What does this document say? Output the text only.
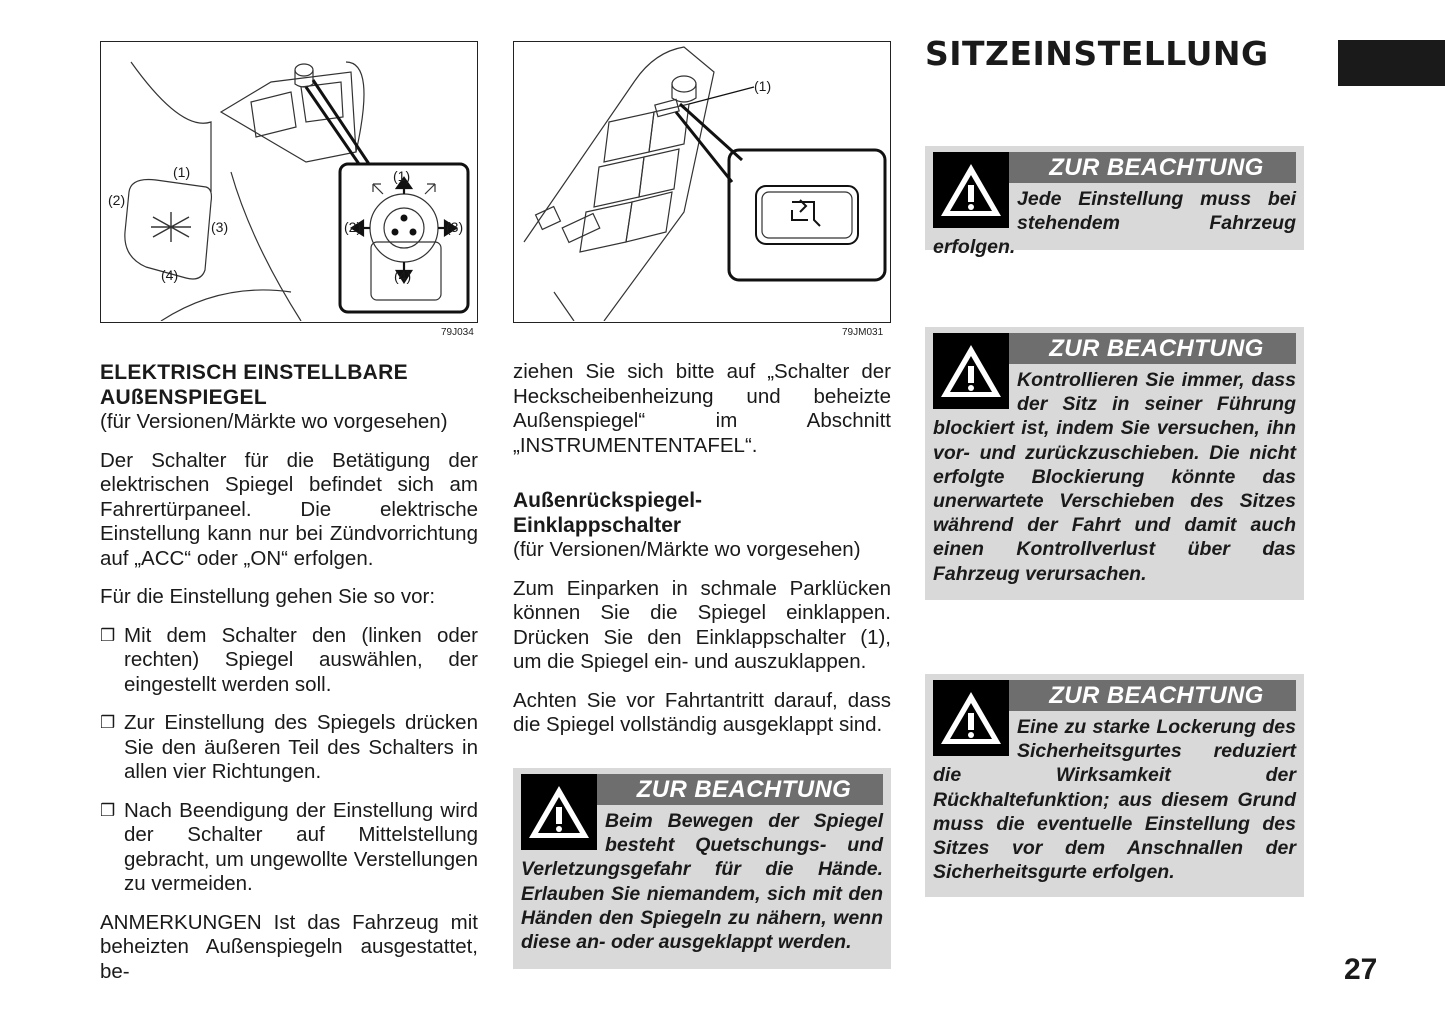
(1)
(2)
(3)
(4)
(1)
(2)	(3)
(4)
79J034
(1)
79JM031
ELEKTRISCH EINSTELLBARE
AUßENSPIEGEL

(für Versionen/Märkte wo vorgesehen)

Der Schalter für die Betätigung der elektrischen Spiegel befindet sich am Fahrertürpaneel. Die elektrische Einstellung kann nur bei Zündvorrichtung auf „ACC“ oder „ON“ erfolgen.

Für die Einstellung gehen Sie so vor:

❒ Mit dem Schalter den (linken oder rechten) Spiegel auswählen, der eingestellt werden soll.
❒ Zur Einstellung des Spiegels drücken Sie den äußeren Teil des Schalters in allen vier Richtungen.
❒ Nach Beendigung der Einstellung wird der Schalter auf Mittelstellung gebracht, um ungewollte Verstellungen zu vermeiden.

ANMERKUNGEN Ist das Fahrzeug mit beheizten Außenspiegeln ausgestattet, be-

ziehen Sie sich bitte auf „Schalter der Heckscheibenheizung und beheizte Außenspiegel“ im Abschnitt „INSTRUMENTENTAFEL“.

Außenrückspiegel-
Einklappschalter

(für Versionen/Märkte wo vorgesehen)

Zum Einparken in schmale Parklücken können Sie die Spiegel einklappen. Drücken Sie den Einklappschalter (1), um die Spiegel ein- und auszuklappen.

Achten Sie vor Fahrtantritt darauf, dass die Spiegel vollständig ausgeklappt sind.

ZUR BEACHTUNG
Beim Bewegen der Spiegel besteht Quetschungs- und Verletzungsgefahr für die Hände. Erlauben Sie niemandem, sich mit den Händen den Spiegeln zu nähern, wenn diese an- oder ausgeklappt werden.
SITZEINSTELLUNG
ZUR BEACHTUNG
Jede Einstellung muss bei stehendem Fahrzeug erfolgen.
ZUR BEACHTUNG
Kontrollieren Sie immer, dass der Sitz in seiner Führung blockiert ist, indem Sie versuchen, ihn vor- und zurückzuschieben. Die nicht erfolgte Blockierung könnte das unerwartete Verschieben des Sitzes während der Fahrt und damit auch einen Kontrollverlust über das Fahrzeug verursachen.
ZUR BEACHTUNG
Eine zu starke Lockerung des Sicherheitsgurtes reduziert die Wirksamkeit der Rückhaltefunktion; aus diesem Grund muss die eventuelle Einstellung des Sitzes vor dem Anschnallen der Sicherheitsgurte erfolgen.
27
